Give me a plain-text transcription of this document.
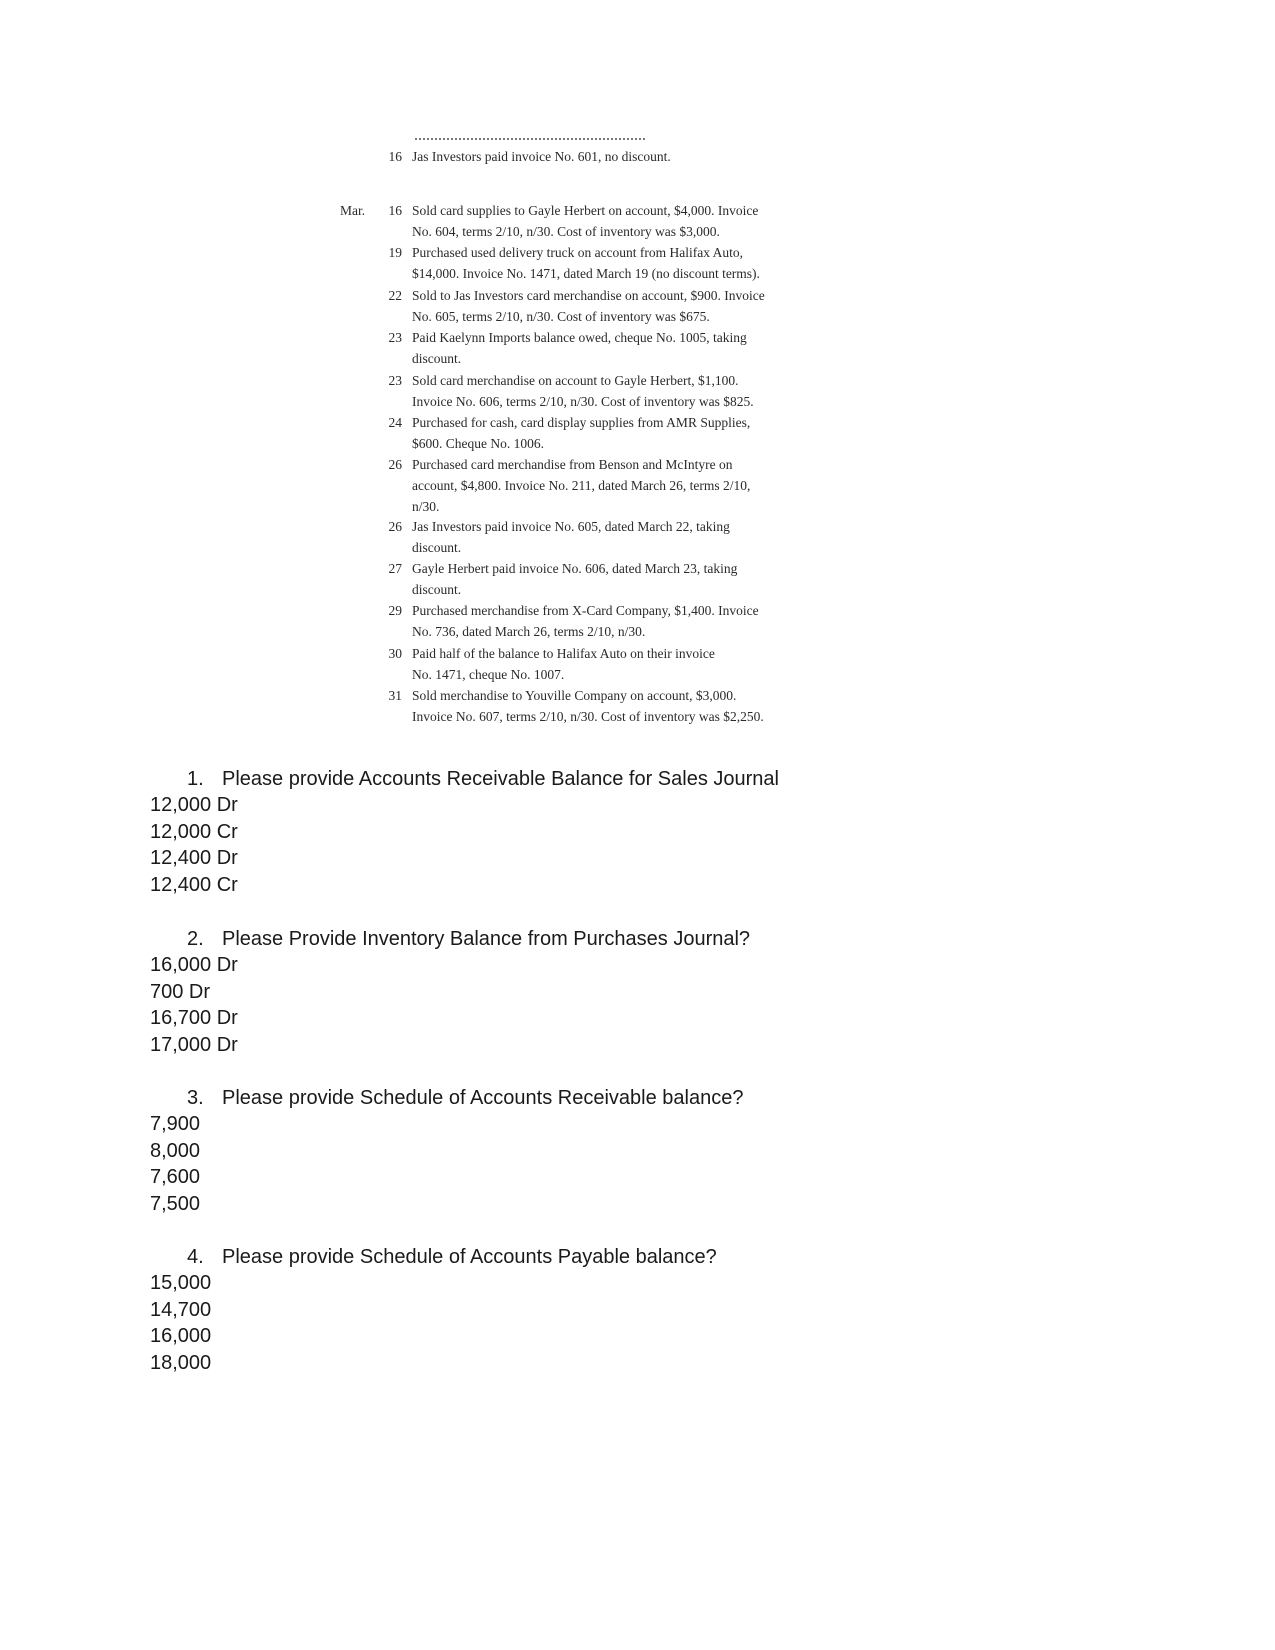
16 Jas Investors paid invoice No. 601, no discount.
Mar.	16 Sold card supplies to Gayle Herbert on account, $4,000. Invoice
No. 604, terms 2/10, n/30. Cost of inventory was $3,000.
19 Purchased used delivery truck on account from Halifax Auto,
$14,000. Invoice No. 1471, dated March 19 (no discount terms).
22 Sold to Jas Investors card merchandise on account, $900. Invoice
No. 605, terms 2/10, n/30. Cost of inventory was $675.
23 Paid Kaelynn Imports balance owed, cheque No. 1005, taking
discount.
23 Sold card merchandise on account to Gayle Herbert, $1,100.
Invoice No. 606, terms 2/10, n/30. Cost of inventory was $825.
24 Purchased for cash, card display supplies from AMR Supplies,
$600. Cheque No. 1006.
26 Purchased card merchandise from Benson and McIntyre on
account, $4,800. Invoice No. 211, dated March 26, terms 2/10,
n/30.
26 Jas Investors paid invoice No. 605, dated March 22, taking
discount.
27 Gayle Herbert paid invoice No. 606, dated March 23, taking
discount.
29 Purchased merchandise from X-Card Company, $1,400. Invoice
No. 736, dated March 26, terms 2/10, n/30.
30 Paid half of the balance to Halifax Auto on their invoice
No. 1471, cheque No. 1007.
31 Sold merchandise to Youville Company on account, $3,000.
Invoice No. 607, terms 2/10, n/30. Cost of inventory was $2,250.
1. Please provide Accounts Receivable Balance for Sales Journal
12,000 Dr
12,000 Cr
12,400 Dr
12,400 Cr
2. Please Provide Inventory Balance from Purchases Journal?
16,000 Dr
700 Dr
16,700 Dr
17,000 Dr
3. Please provide Schedule of Accounts Receivable balance?
7,900
8,000
7,600
7,500
4. Please provide Schedule of Accounts Payable balance?
15,000
14,700
16,000
18,000
